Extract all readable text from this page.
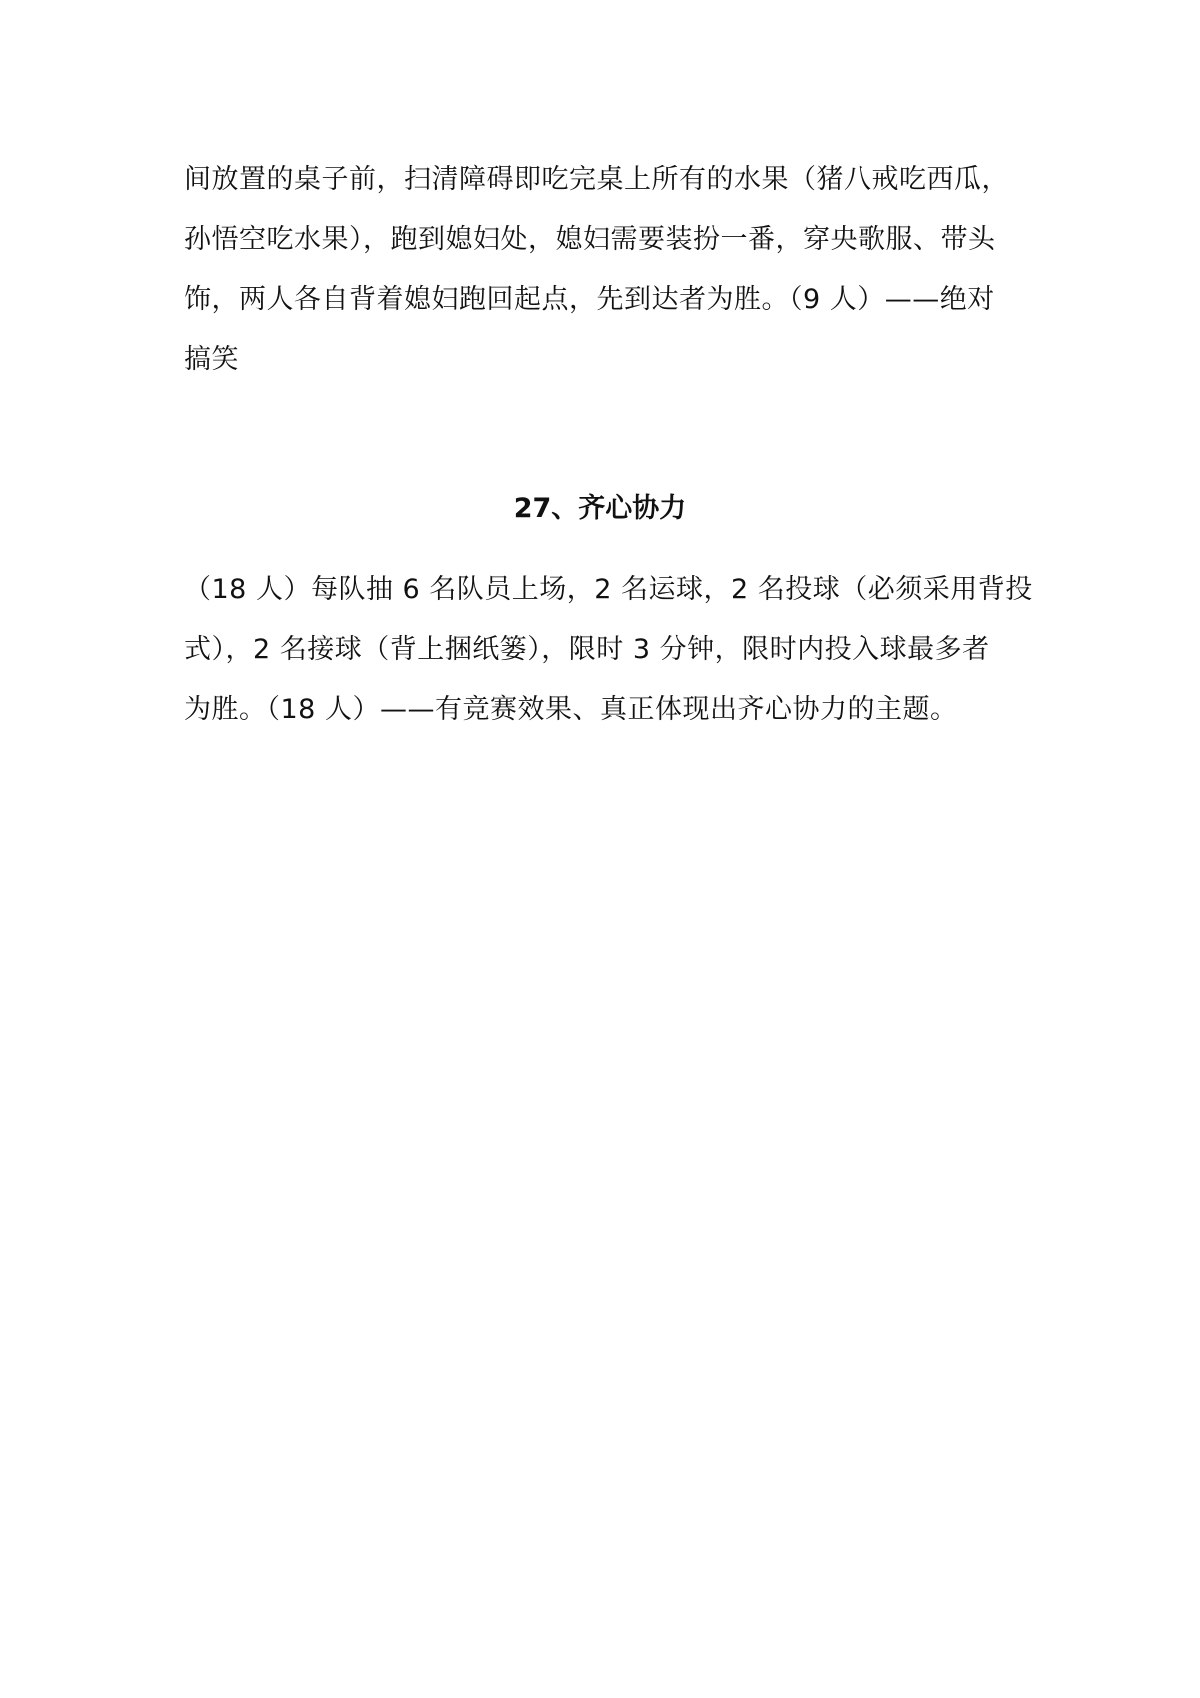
间放置的桌子前，扫清障碍即吃完桌上所有的水果（猪八戒吃西瓜，
孙悟空吃水果），跑到媳妇处，媳妇需要装扮一番，穿央歌服、带头
饰，两人各自背着媳妇跑回起点，先到达者为胜。（9 人）——绝对
搞笑
27、齐心协力
（18 人）每队抽 6 名队员上场，2 名运球，2 名投球（必须采用背投
式），2 名接球（背上捆纸篓），限时 3 分钟，限时内投入球最多者
为胜。（18 人）——有竞赛效果、真正体现出齐心协力的主题。
